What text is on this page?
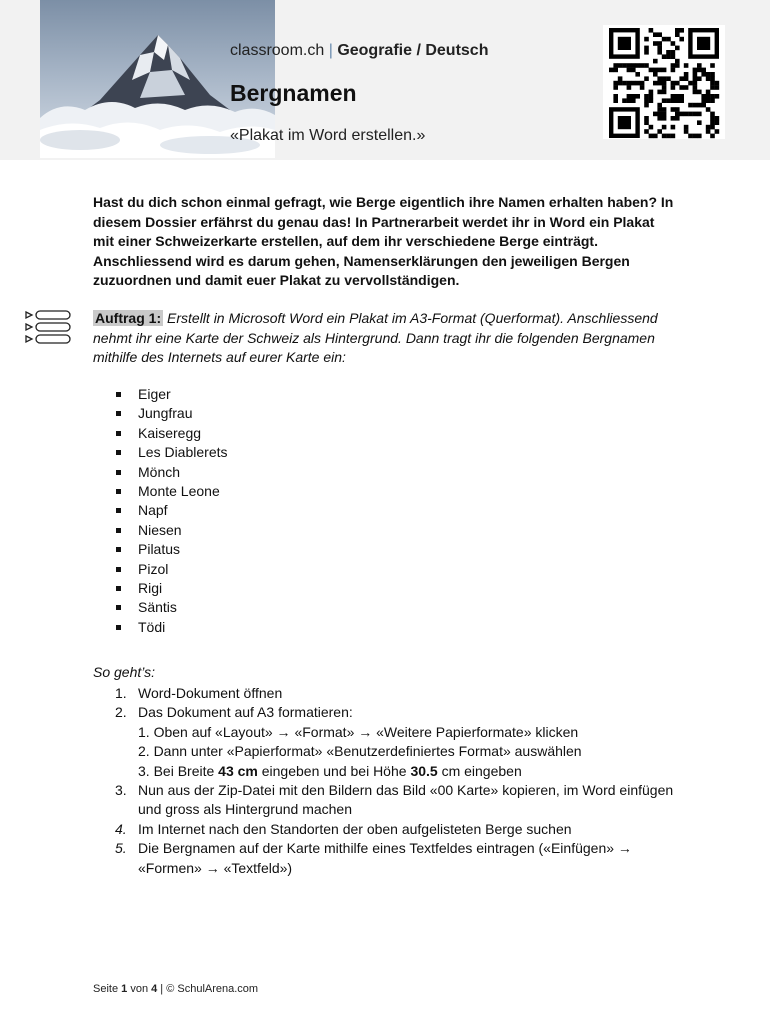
classroom.ch | Geografie / Deutsch
Bergnamen
«Plakat im Word erstellen.»
Hast du dich schon einmal gefragt, wie Berge eigentlich ihre Namen erhalten haben? In diesem Dossier erfährst du genau das! In Partnerarbeit werdet ihr in Word ein Plakat mit einer Schweizerkarte erstellen, auf dem ihr verschiedene Berge einträgt. Anschliessend wird es darum gehen, Namenserklärungen den jeweiligen Bergen zuzuordnen und damit euer Plakat zu vervollständigen.
Auftrag 1: Erstellt in Microsoft Word ein Plakat im A3-Format (Querformat). Anschliessend nehmt ihr eine Karte der Schweiz als Hintergrund. Dann tragt ihr die folgenden Bergnamen mithilfe des Internets auf eurer Karte ein:
Eiger
Jungfrau
Kaiseregg
Les Diablerets
Mönch
Monte Leone
Napf
Niesen
Pilatus
Pizol
Rigi
Säntis
Tödi
So geht’s:
1. Word-Dokument öffnen
2. Das Dokument auf A3 formatieren:
1. Oben auf «Layout» → «Format» → «Weitere Papierformate» klicken
2. Dann unter «Papierformat» «Benutzerdefiniertes Format» auswählen
3. Bei Breite 43 cm eingeben und bei Höhe 30.5 cm eingeben
3. Nun aus der Zip-Datei mit den Bildern das Bild «00 Karte» kopieren, im Word einfügen und gross als Hintergrund machen
4. Im Internet nach den Standorten der oben aufgelisteten Berge suchen
5. Die Bergnamen auf der Karte mithilfe eines Textfeldes eintragen («Einfügen» → «Formen» → «Textfeld»)
Seite 1 von 4 | © SchulArena.com
